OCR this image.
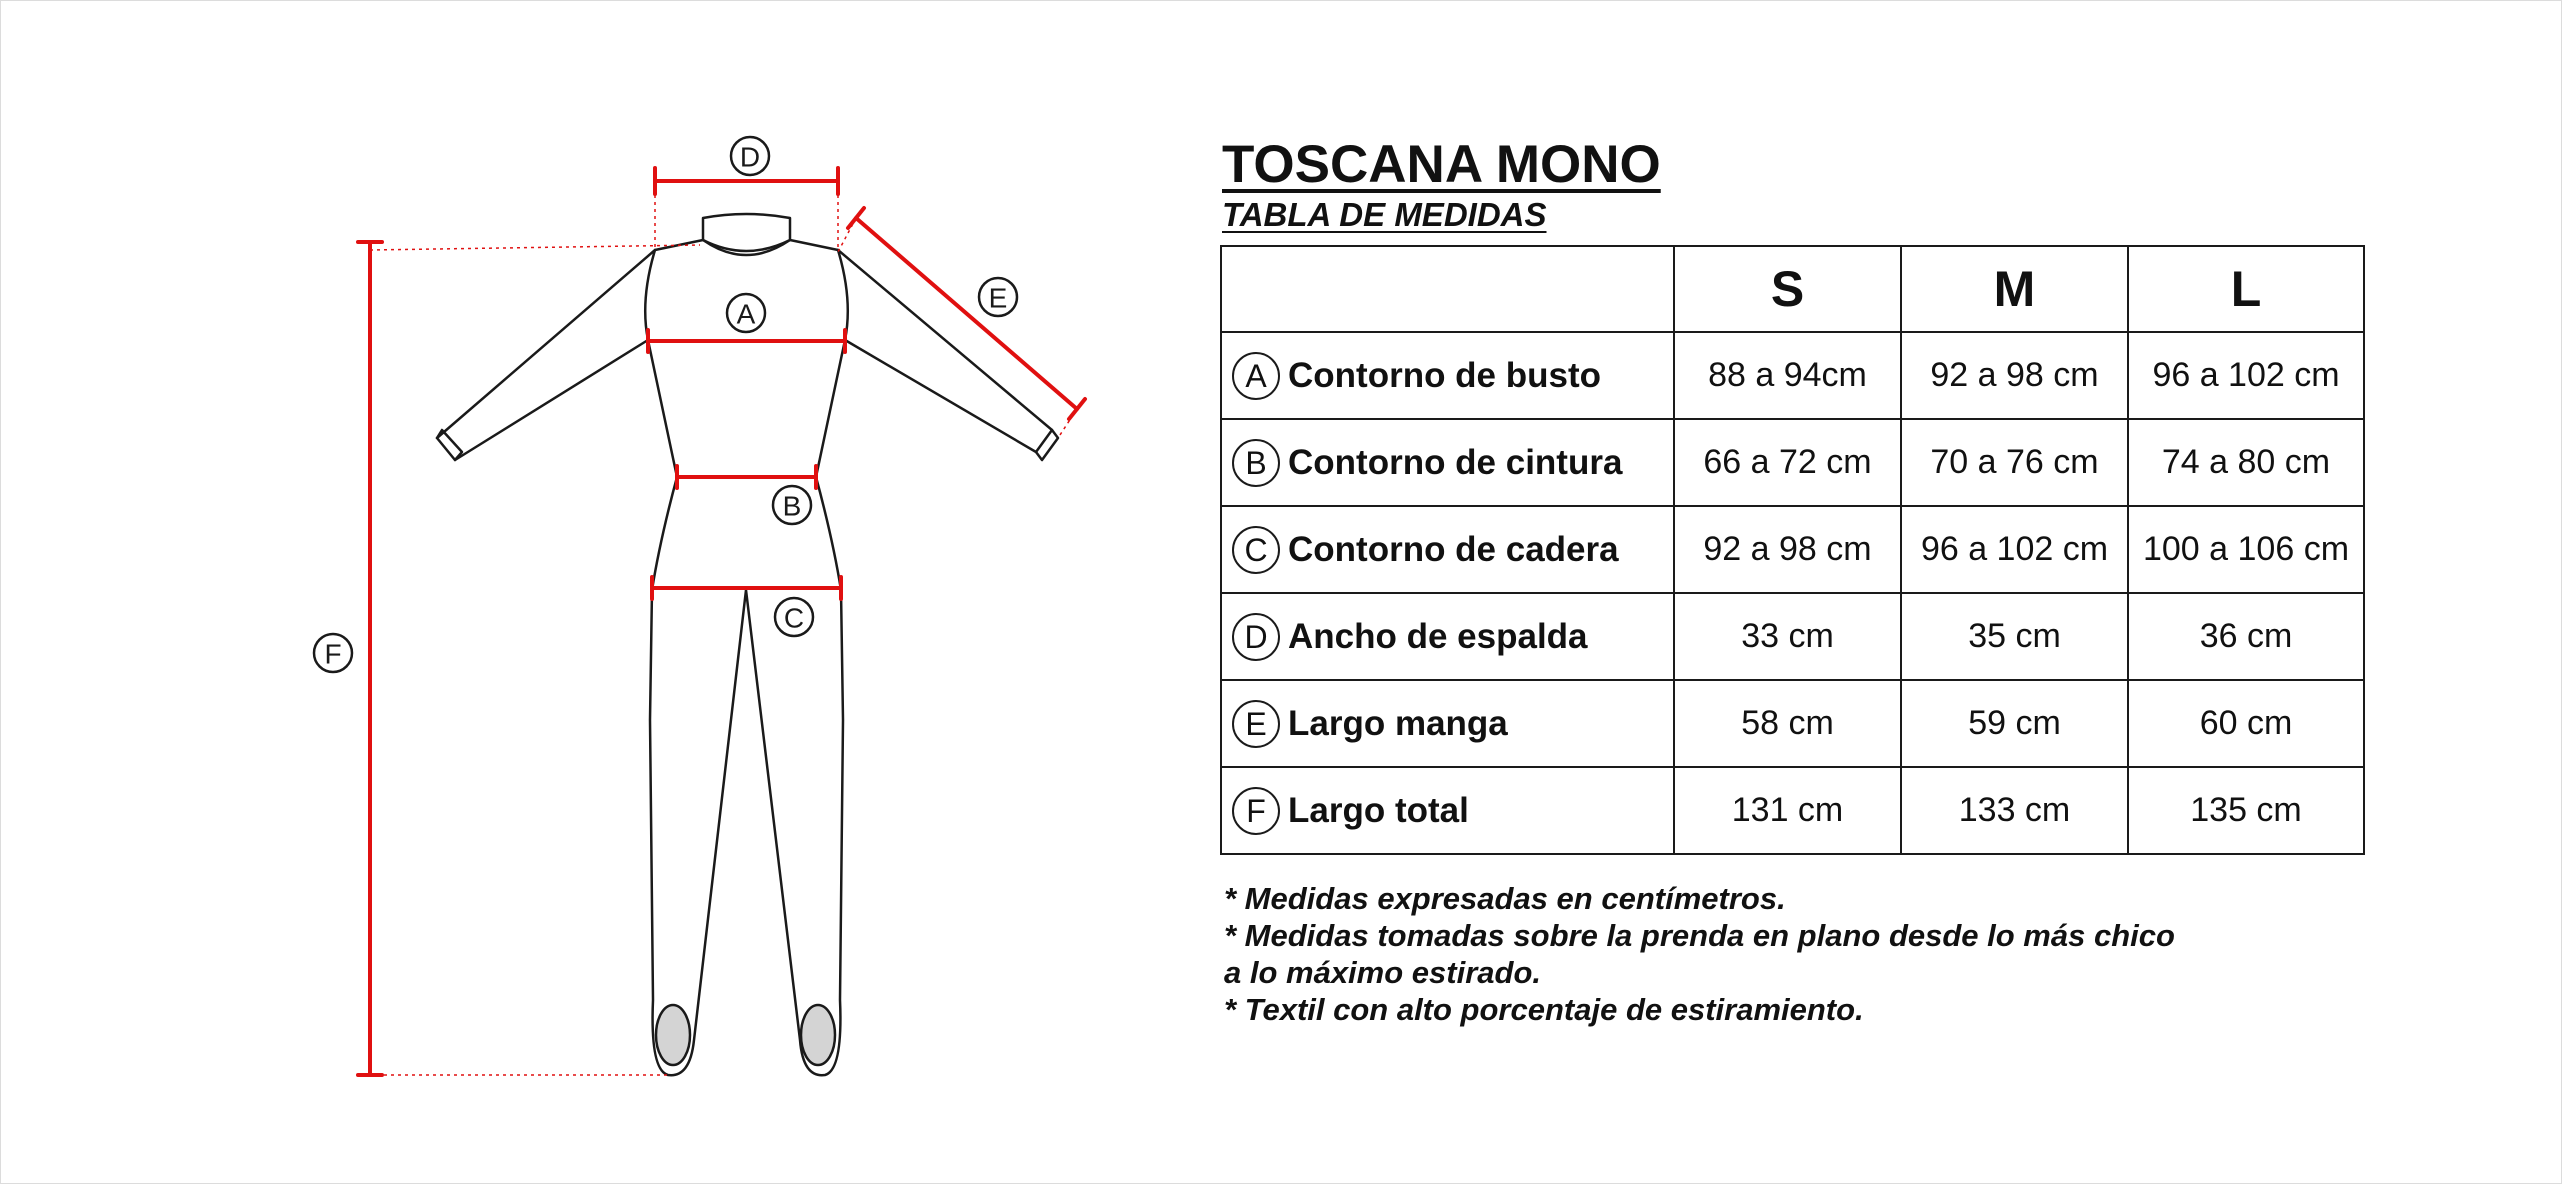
D
A
B
C
E
F
TOSCANA MONO
TABLA DE MEDIDAS
	S	M	L
A Contorno de busto	88 a 94cm	92 a 98 cm	96 a 102 cm
B Contorno de cintura	66 a 72 cm	70 a 76 cm	74 a 80 cm
C Contorno de cadera	92 a 98 cm	96 a 102 cm	100 a 106 cm
D Ancho de espalda	33 cm	35 cm	36 cm
E Largo manga	58 cm	59 cm	60 cm
F Largo total	131 cm	133 cm	135 cm
* Medidas expresadas en centímetros.
* Medidas tomadas sobre la prenda en plano desde lo más chico
a lo máximo estirado.
* Textil con alto porcentaje de estiramiento.
